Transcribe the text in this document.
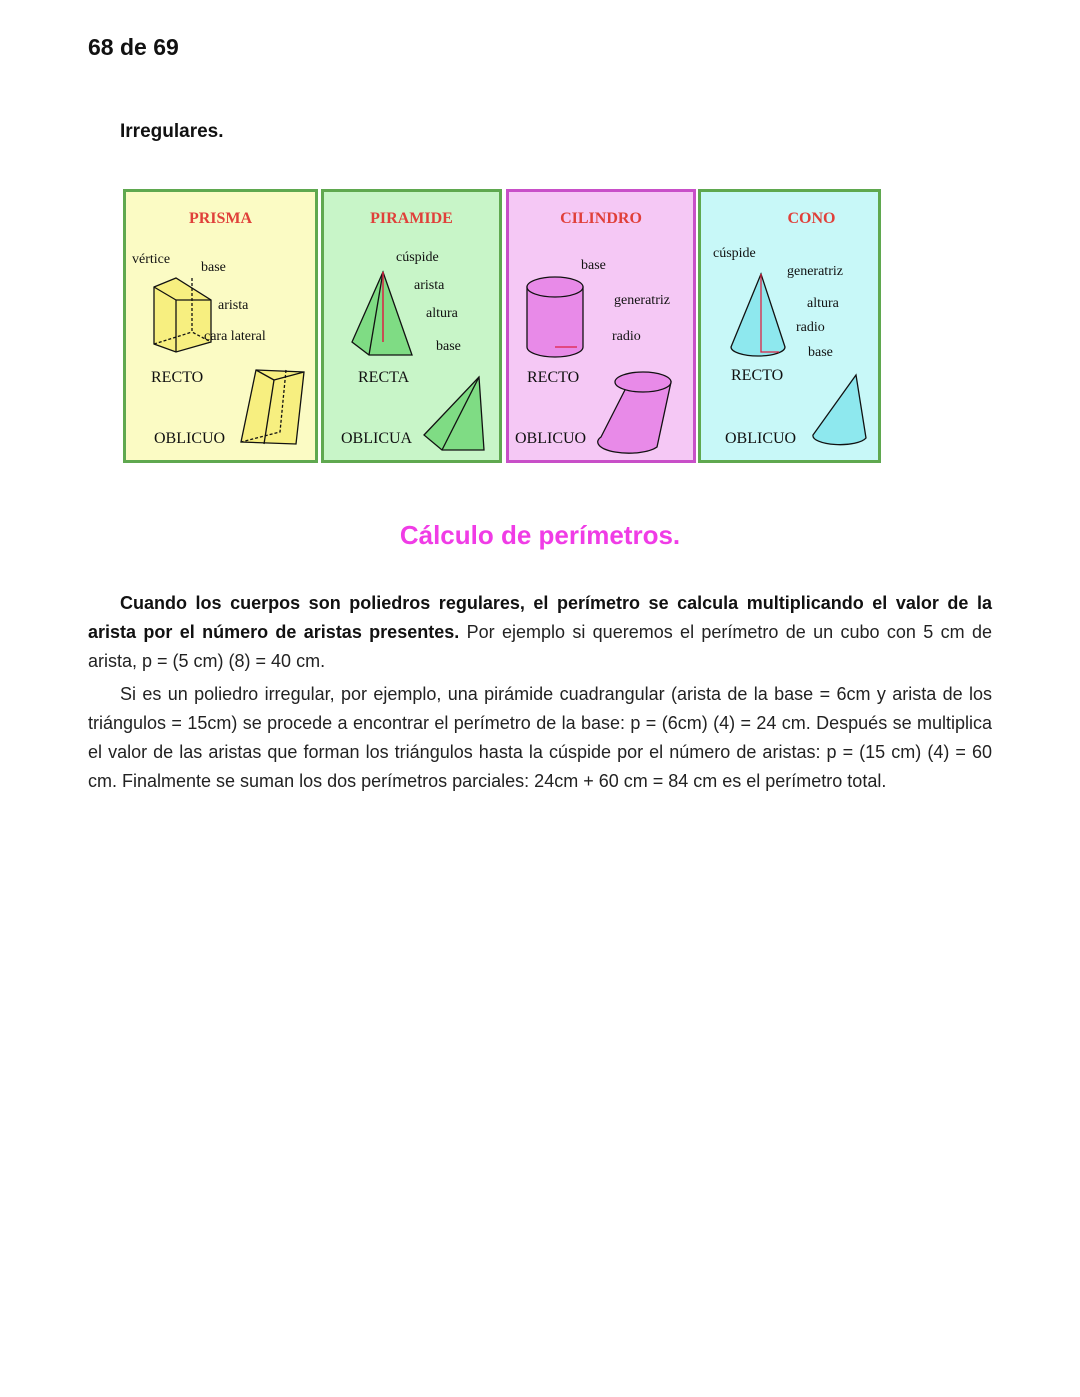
68 de 69
Irregulares.
PRISMA
vértice
base
arista
cara lateral
RECTO
OBLICUO
PIRAMIDE
cúspide
arista
altura
base
RECTA
OBLICUA
CILINDRO
base
generatriz
radio
RECTO
OBLICUO
CONO
cúspide
generatriz
altura
radio
base
RECTO
OBLICUO
Cálculo de perímetros.

Cuando los cuerpos son poliedros regulares, el perímetro se calcula multiplicando el valor de la arista por el número de aristas presentes. Por ejemplo si queremos el perímetro de un cubo con 5 cm de arista, p = (5 cm) (8) = 40 cm.

Si es un poliedro irregular, por ejemplo, una pirámide cuadrangular (arista de la base = 6cm y arista de los triángulos = 15cm) se procede a encontrar el perímetro de la base: p = (6cm) (4) = 24 cm. Después se multiplica el valor de las aristas que forman los triángulos hasta la cúspide por el número de aristas: p = (15 cm) (4) = 60 cm. Finalmente se suman los dos perímetros parciales: 24cm + 60 cm = 84 cm es el perímetro total.
